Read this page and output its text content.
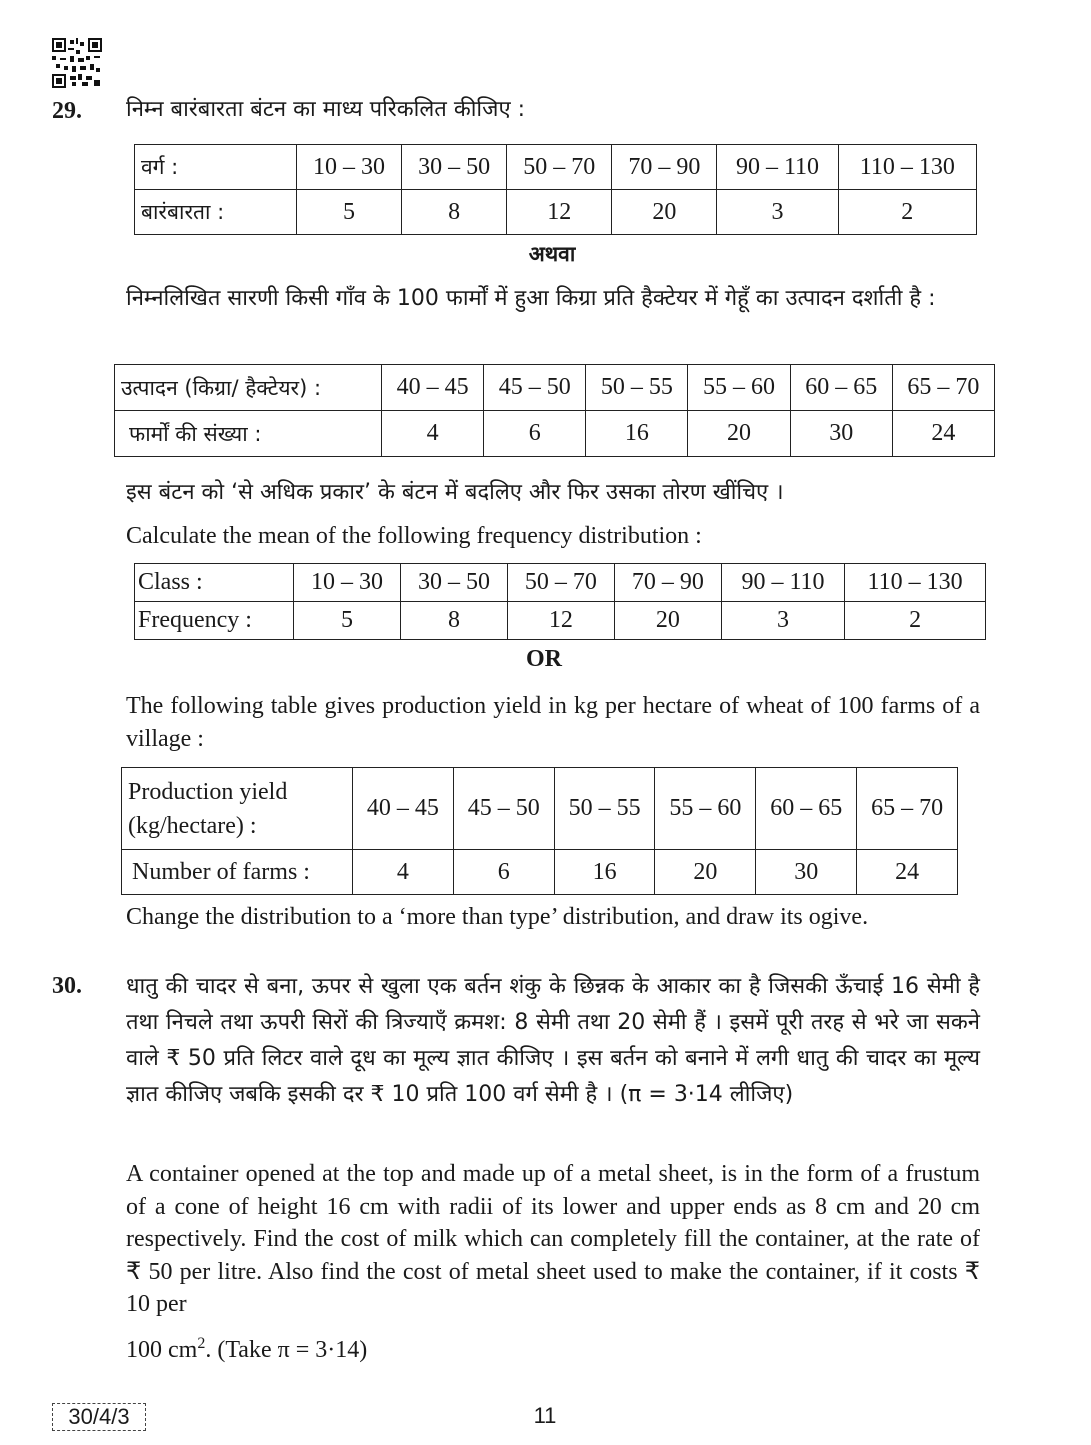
29. निम्न बारंबारता बंटन का माध्य परिकलित कीजिए :
वर्ग :	10 – 30	30 – 50	50 – 70	70 – 90	90 – 110	110 – 130
बारंबारता :	5	8	12	20	3	2
अथवा
निम्नलिखित सारणी किसी गाँव के 100 फार्मों में हुआ किग्रा प्रति हैक्टेयर में गेहूँ का उत्पादन दर्शाती है :
उत्पादन (किग्रा/ हैक्टेयर) :	40 – 45	45 – 50	50 – 55	55 – 60	60 – 65	65 – 70
फार्मों की संख्या :	4	6	16	20	30	24
इस बंटन को ‘से अधिक प्रकार’ के बंटन में बदलिए और फिर उसका तोरण खींचिए ।
Calculate the mean of the following frequency distribution :
Class :	10 – 30	30 – 50	50 – 70	70 – 90	90 – 110	110 – 130
Frequency :	5	8	12	20	3	2
OR
The following table gives production yield in kg per hectare of wheat of 100 farms of a village :
Production yield
(kg/hectare) :	40 – 45	45 – 50	50 – 55	55 – 60	60 – 65	65 – 70
Number of farms :	4	6	16	20	30	24
Change the distribution to a ‘more than type’ distribution, and draw its ogive.
30. धातु की चादर से बना, ऊपर से खुला एक बर्तन शंकु के छिन्नक के आकार का है जिसकी ऊँचाई 16 सेमी है तथा निचले तथा ऊपरी सिरों की त्रिज्याएँ क्रमश: 8 सेमी तथा 20 सेमी हैं । इसमें पूरी तरह से भरे जा सकने वाले ₹ 50 प्रति लिटर वाले दूध का मूल्य ज्ञात कीजिए । इस बर्तन को बनाने में लगी धातु की चादर का मूल्य ज्ञात कीजिए जबकि इसकी दर ₹ 10 प्रति 100 वर्ग सेमी है । (π = 3·14 लीजिए)
A container opened at the top and made up of a metal sheet, is in the form of a frustum of a cone of height 16 cm with radii of its lower and upper ends as 8 cm and 20 cm respectively. Find the cost of milk which can completely fill the container, at the rate of ₹ 50 per litre. Also find the cost of metal sheet used to make the container, if it costs ₹ 10 per
100 $cm^2$. (Take π = 3·14)
30/4/3	11
